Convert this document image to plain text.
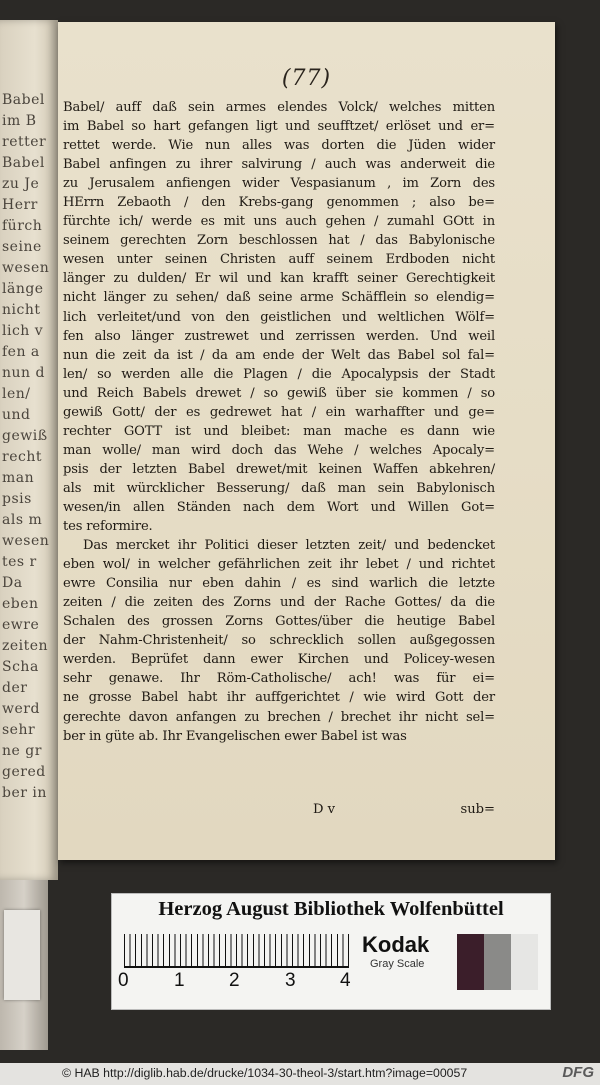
Babel
im B
retter
Babel
zu Je
Herr
fürch
seine
wesen
länge
nicht
lich v
fen a
nun d
len/
und
gewiß
recht
man
psis
als m
wesen
tes r
Da
eben
ewre
zeiten
Scha
der
werd
sehr
ne gr
gered
ber in
(77)
Babel/ auff daß sein armes elendes Volck/ welches mitten
im Babel so hart gefangen ligt und seufftzet/ erlöset und er=
rettet werde. Wie nun alles was dorten die Jüden wider
Babel anfingen zu ihrer salvirung / auch was anderweit die
zu Jerusalem anfiengen wider Vespasianum , im Zorn des
HErrn Zebaoth / den Krebs-gang genommen ; also be=
fürchte ich/ werde es mit uns auch gehen / zumahl GOtt in
seinem gerechten Zorn beschlossen hat / das Babylonische
wesen unter seinen Christen auff seinem Erdboden nicht
länger zu dulden/ Er wil und kan krafft seiner Gerechtigkeit
nicht länger zu sehen/ daß seine arme Schäfflein so elendig=
lich verleitet/und von den geistlichen und weltlichen Wölf=
fen also länger zustrewet und zerrissen werden. Und weil
nun die zeit da ist / da am ende der Welt das Babel sol fal=
len/ so werden alle die Plagen / die Apocalypsis der Stadt
und Reich Babels drewet / so gewiß über sie kommen / so
gewiß Gott/ der es gedrewet hat / ein warhaffter und ge=
rechter GOTT ist und bleibet: man mache es dann wie
man wolle/ man wird doch das Wehe / welches Apocaly=
psis der letzten Babel drewet/mit keinen Waffen abkehren/
als mit würcklicher Besserung/ daß man sein Babylonisch
wesen/in allen Ständen nach dem Wort und Willen Got=
tes reformire.
Das mercket ihr Politici dieser letzten zeit/ und bedencket
eben wol/ in welcher gefährlichen zeit ihr lebet / und richtet
ewre Consilia nur eben dahin / es sind warlich die letzte
zeiten / die zeiten des Zorns und der Rache Gottes/ da die
Schalen des grossen Zorns Gottes/über die heutige Babel
der Nahm-Christenheit/ so schrecklich sollen außgegossen
werden. Beprüfet dann ewer Kirchen und Policey-wesen
sehr genawe. Ihr Röm-Catholische/ ach! was für ei=
ne grosse Babel habt ihr auffgerichtet / wie wird Gott der
gerechte davon anfangen zu brechen / brechet ihr nicht sel=
ber in güte ab. Ihr Evangelischen ewer Babel ist was
D v	sub=
Herzog August Bibliothek Wolfenbüttel
0 1 2 3 4
Kodak
Gray Scale
© HAB http://diglib.hab.de/drucke/1034-30-theol-3/start.htm?image=00057	DFG
